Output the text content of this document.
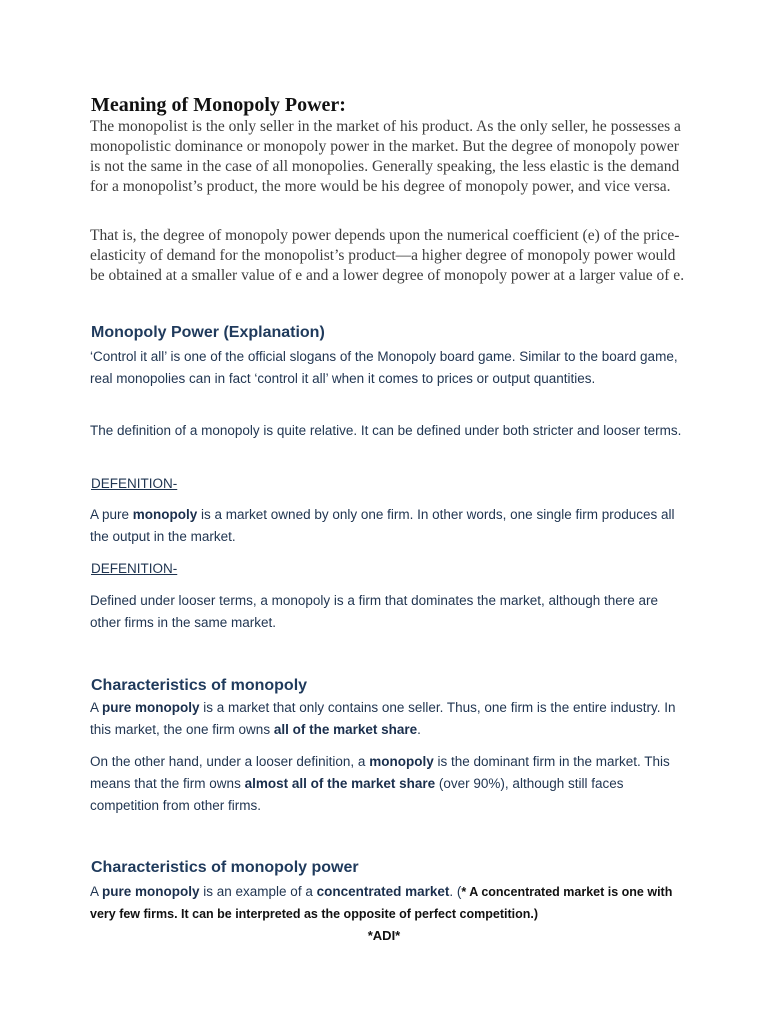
Meaning of Monopoly Power:

The monopolist is the only seller in the market of his product. As the only seller, he possesses a monopolistic dominance or monopoly power in the market. But the degree of monopoly power is not the same in the case of all monopolies. Generally speaking, the less elastic is the demand for a monopolist’s product, the more would be his degree of monopoly power, and vice versa.

That is, the degree of monopoly power depends upon the numerical coefficient (e) of the price-elasticity of demand for the monopolist’s product—a higher degree of monopoly power would be obtained at a smaller value of e and a lower degree of monopoly power at a larger value of e.

Monopoly Power (Explanation)

‘Control it all’ is one of the official slogans of the Monopoly board game. Similar to the board game, real monopolies can in fact ‘control it all’ when it comes to prices or output quantities.

The definition of a monopoly is quite relative. It can be defined under both stricter and looser terms.

DEFENITION-

A pure monopoly is a market owned by only one firm. In other words, one single firm produces all the output in the market.

DEFENITION-

Defined under looser terms, a monopoly is a firm that dominates the market, although there are other firms in the same market.

Characteristics of monopoly

A pure monopoly is a market that only contains one seller. Thus, one firm is the entire industry. In this market, the one firm owns all of the market share.

On the other hand, under a looser definition, a monopoly is the dominant firm in the market. This means that the firm owns almost all of the market share (over 90%), although still faces competition from other firms.

Characteristics of monopoly power

A pure monopoly is an example of a concentrated market. (* A concentrated market is one with very few firms. It can be interpreted as the opposite of perfect competition.)

*ADI*
